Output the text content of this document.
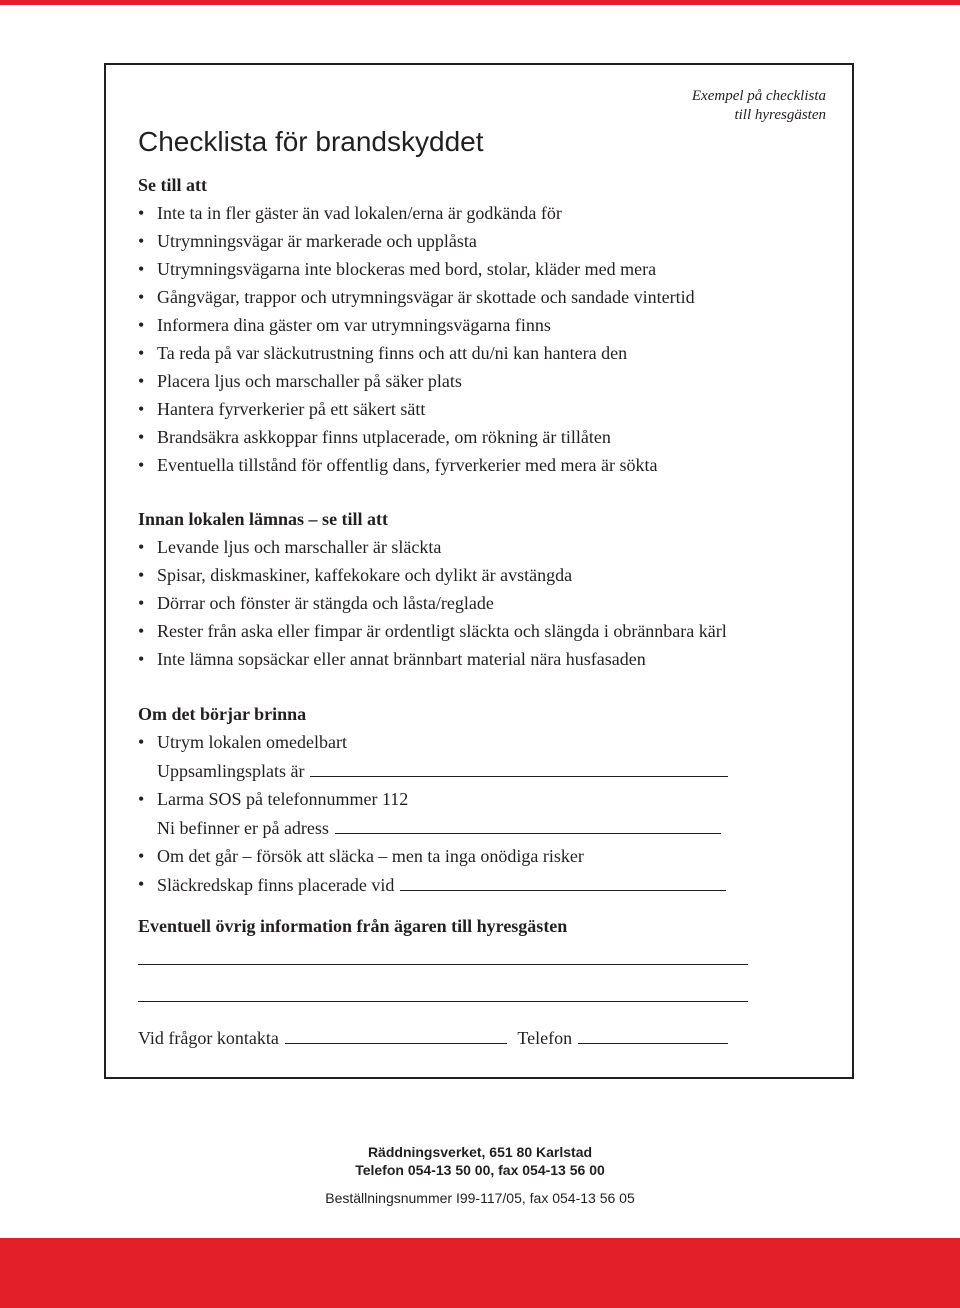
Exempel på checklista
till hyresgästen
Checklista för brandskyddet
Se till att
• Inte ta in fler gäster än vad lokalen/erna är godkända för
• Utrymningsvägar är markerade och upplåsta
• Utrymningsvägarna inte blockeras med bord, stolar, kläder med mera
• Gångvägar, trappor och utrymningsvägar är skottade och sandade vintertid
• Informera dina gäster om var utrymningsvägarna finns
• Ta reda på var släckutrustning finns och att du/ni kan hantera den
• Placera ljus och marschaller på säker plats
• Hantera fyrverkerier på ett säkert sätt
• Brandsäkra askkoppar finns utplacerade, om rökning är tillåten
• Eventuella tillstånd för offentlig dans, fyrverkerier med mera är sökta
Innan lokalen lämnas – se till att
• Levande ljus och marschaller är släckta
• Spisar, diskmaskiner, kaffekokare och dylikt är avstängda
• Dörrar och fönster är stängda och låsta/reglade
• Rester från aska eller fimpar är ordentligt släckta och slängda i obrännbara kärl
• Inte lämna sopsäckar eller annat brännbart material nära husfasaden
Om det börjar brinna
• Utrym lokalen omedelbart
Uppsamlingsplats är
• Larma SOS på telefonnummer 112
Ni befinner er på adress
• Om det går – försök att släcka – men ta inga onödiga risker
• Släckredskap finns placerade vid
Eventuell övrig information från ägaren till hyresgästen
Vid frågor kontakta	Telefon
Räddningsverket, 651 80 Karlstad
Telefon 054-13 50 00, fax 054-13 56 00
Beställningsnummer I99-117/05, fax 054-13 56 05
